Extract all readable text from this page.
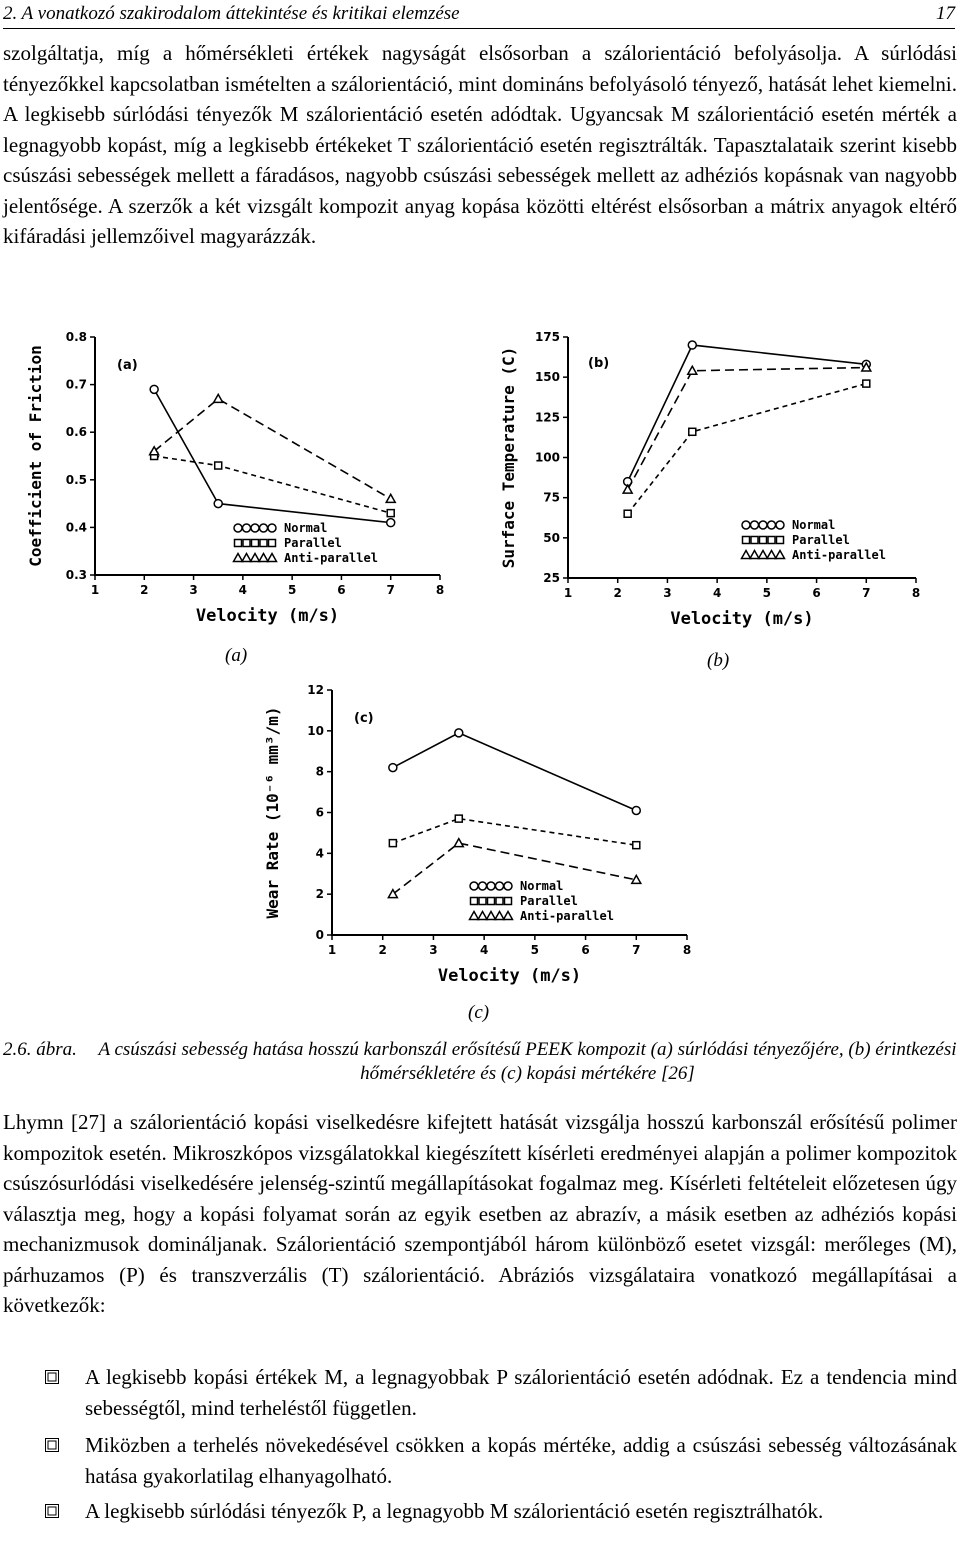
2. A vonatkozó szakirodalom áttekintése és kritikai elemzése	17

szolgáltatja, míg a hőmérsékleti értékek nagyságát elsősorban a szálorientáció befolyásolja. A súrlódási tényezőkkel kapcsolatban ismételten a szálorientáció, mint domináns befolyásoló tényező, hatását lehet kiemelni. A legkisebb súrlódási tényezők M szálorientáció esetén adódtak. Ugyancsak M szálorientáció esetén mérték a legnagyobb kopást, míg a legkisebb értékeket T szálorientáció esetén regisztrálták. Tapasztalataik szerint kisebb csúszási sebességek mellett a fáradásos, nagyobb csúszási sebességek mellett az adhéziós kopásnak van nagyobb jelentősége. A szerzők a két vizsgált kompozit anyag kopása közötti eltérést elsősorban a mátrix anyagok eltérő kifáradási jellemzőivel magyarázzák.

1	2	3	4	5	6	7	8
0.3
0.4
0.5
0.6
0.7
0.8
Velocity (m/s)
Coefficient of Friction	(a)
Normal
Parallel
Anti-parallel
1	2	3	4	5	6	7	8
25
50
75
100
125
150
175
Velocity (m/s)
Surface Temperature (C)	(b)
Normal
Parallel
Anti-parallel
1	2	3	4	5	6	7	8
0
2
4
6
8
10
12
Velocity (m/s)
Wear Rate (10⁻⁶ mm³/m)	(c)
Normal
Parallel
Anti-parallel
(a)	(b)
(c)
2.6. ábra.	A csúszási sebesség hatása hosszú karbonszál erősítésű PEEK kompozit (a) súrlódási tényezőjére, (b) érintkezési hőmérsékletére és (c) kopási mértékére [26]

Lhymn [27] a szálorientáció kopási viselkedésre kifejtett hatását vizsgálja hosszú karbonszál erősítésű polimer kompozitok esetén. Mikroszkópos vizsgálatokkal kiegészített kísérleti eredményei alapján a polimer kompozitok csúszósurlódási viselkedésére jelenség-szintű megállapításokat fogalmaz meg. Kísérleti feltételeit előzetesen úgy választja meg, hogy a kopási folyamat során az egyik esetben az abrazív, a másik esetben az adhéziós kopási mechanizmusok domináljanak. Szálorientáció szempontjából három különböző esetet vizsgál: merőleges (M), párhuzamos (P) és transzverzális (T) szálorientáció. Abráziós vizsgálataira vonatkozó megállapításai a következők:

A legkisebb kopási értékek M, a legnagyobbak P szálorientáció esetén adódnak. Ez a tendencia mind sebességtől, mind terheléstől független.

Miközben a terhelés növekedésével csökken a kopás mértéke, addig a csúszási sebesség változásának hatása gyakorlatilag elhanyagolható.

A legkisebb súrlódási tényezők P, a legnagyobb M szálorientáció esetén regisztrálhatók.
